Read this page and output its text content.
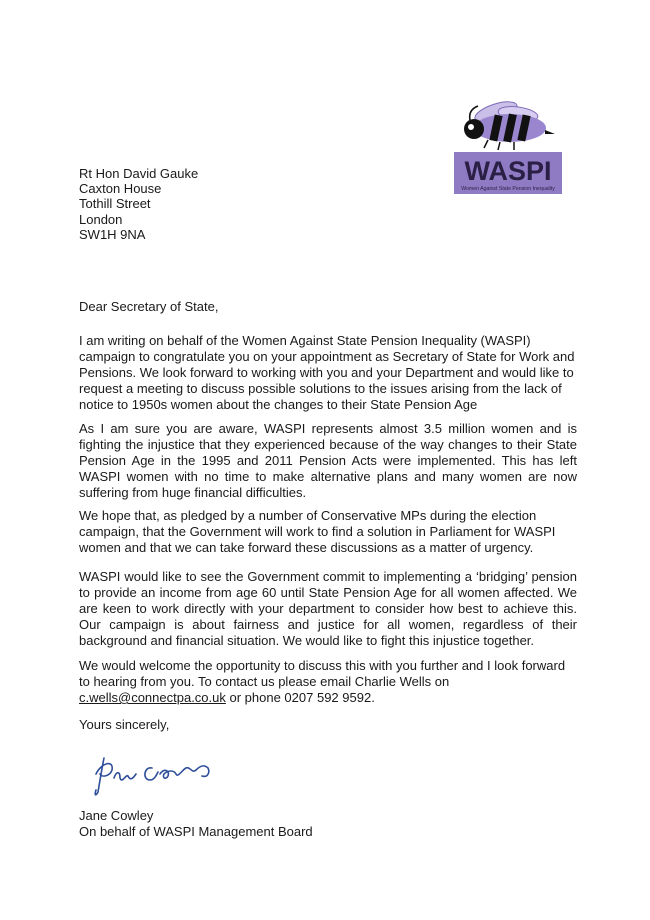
WASPI
Women Against State Pension Inequality
Rt Hon David Gauke
Caxton House
Tothill Street
London
SW1H 9NA
Dear Secretary of State,
I am writing on behalf of the Women Against State Pension Inequality (WASPI) campaign to congratulate you on your appointment as Secretary of State for Work and Pensions. We look forward to working with you and your Department and would like to request a meeting to discuss possible solutions to the issues arising from the lack of notice to 1950s women about the changes to their State Pension Age
As I am sure you are aware, WASPI represents almost 3.5 million women and is fighting the injustice that they experienced because of the way changes to their State Pension Age in the 1995 and 2011 Pension Acts were implemented. This has left WASPI women with no time to make alternative plans and many women are now suffering from huge financial difficulties.
We hope that, as pledged by a number of Conservative MPs during the election campaign, that the Government will work to find a solution in Parliament for WASPI women and that we can take forward these discussions as a matter of urgency.
WASPI would like to see the Government commit to implementing a ‘bridging’ pension to provide an income from age 60 until State Pension Age for all women affected. We are keen to work directly with your department to consider how best to achieve this. Our campaign is about fairness and justice for all women, regardless of their background and financial situation. We would like to fight this injustice together.
We would welcome the opportunity to discuss this with you further and I look forward to hearing from you. To contact us please email Charlie Wells on c.wells@connectpa.co.uk or phone 0207 592 9592.
Yours sincerely,
Jane Cowley
On behalf of WASPI Management Board
